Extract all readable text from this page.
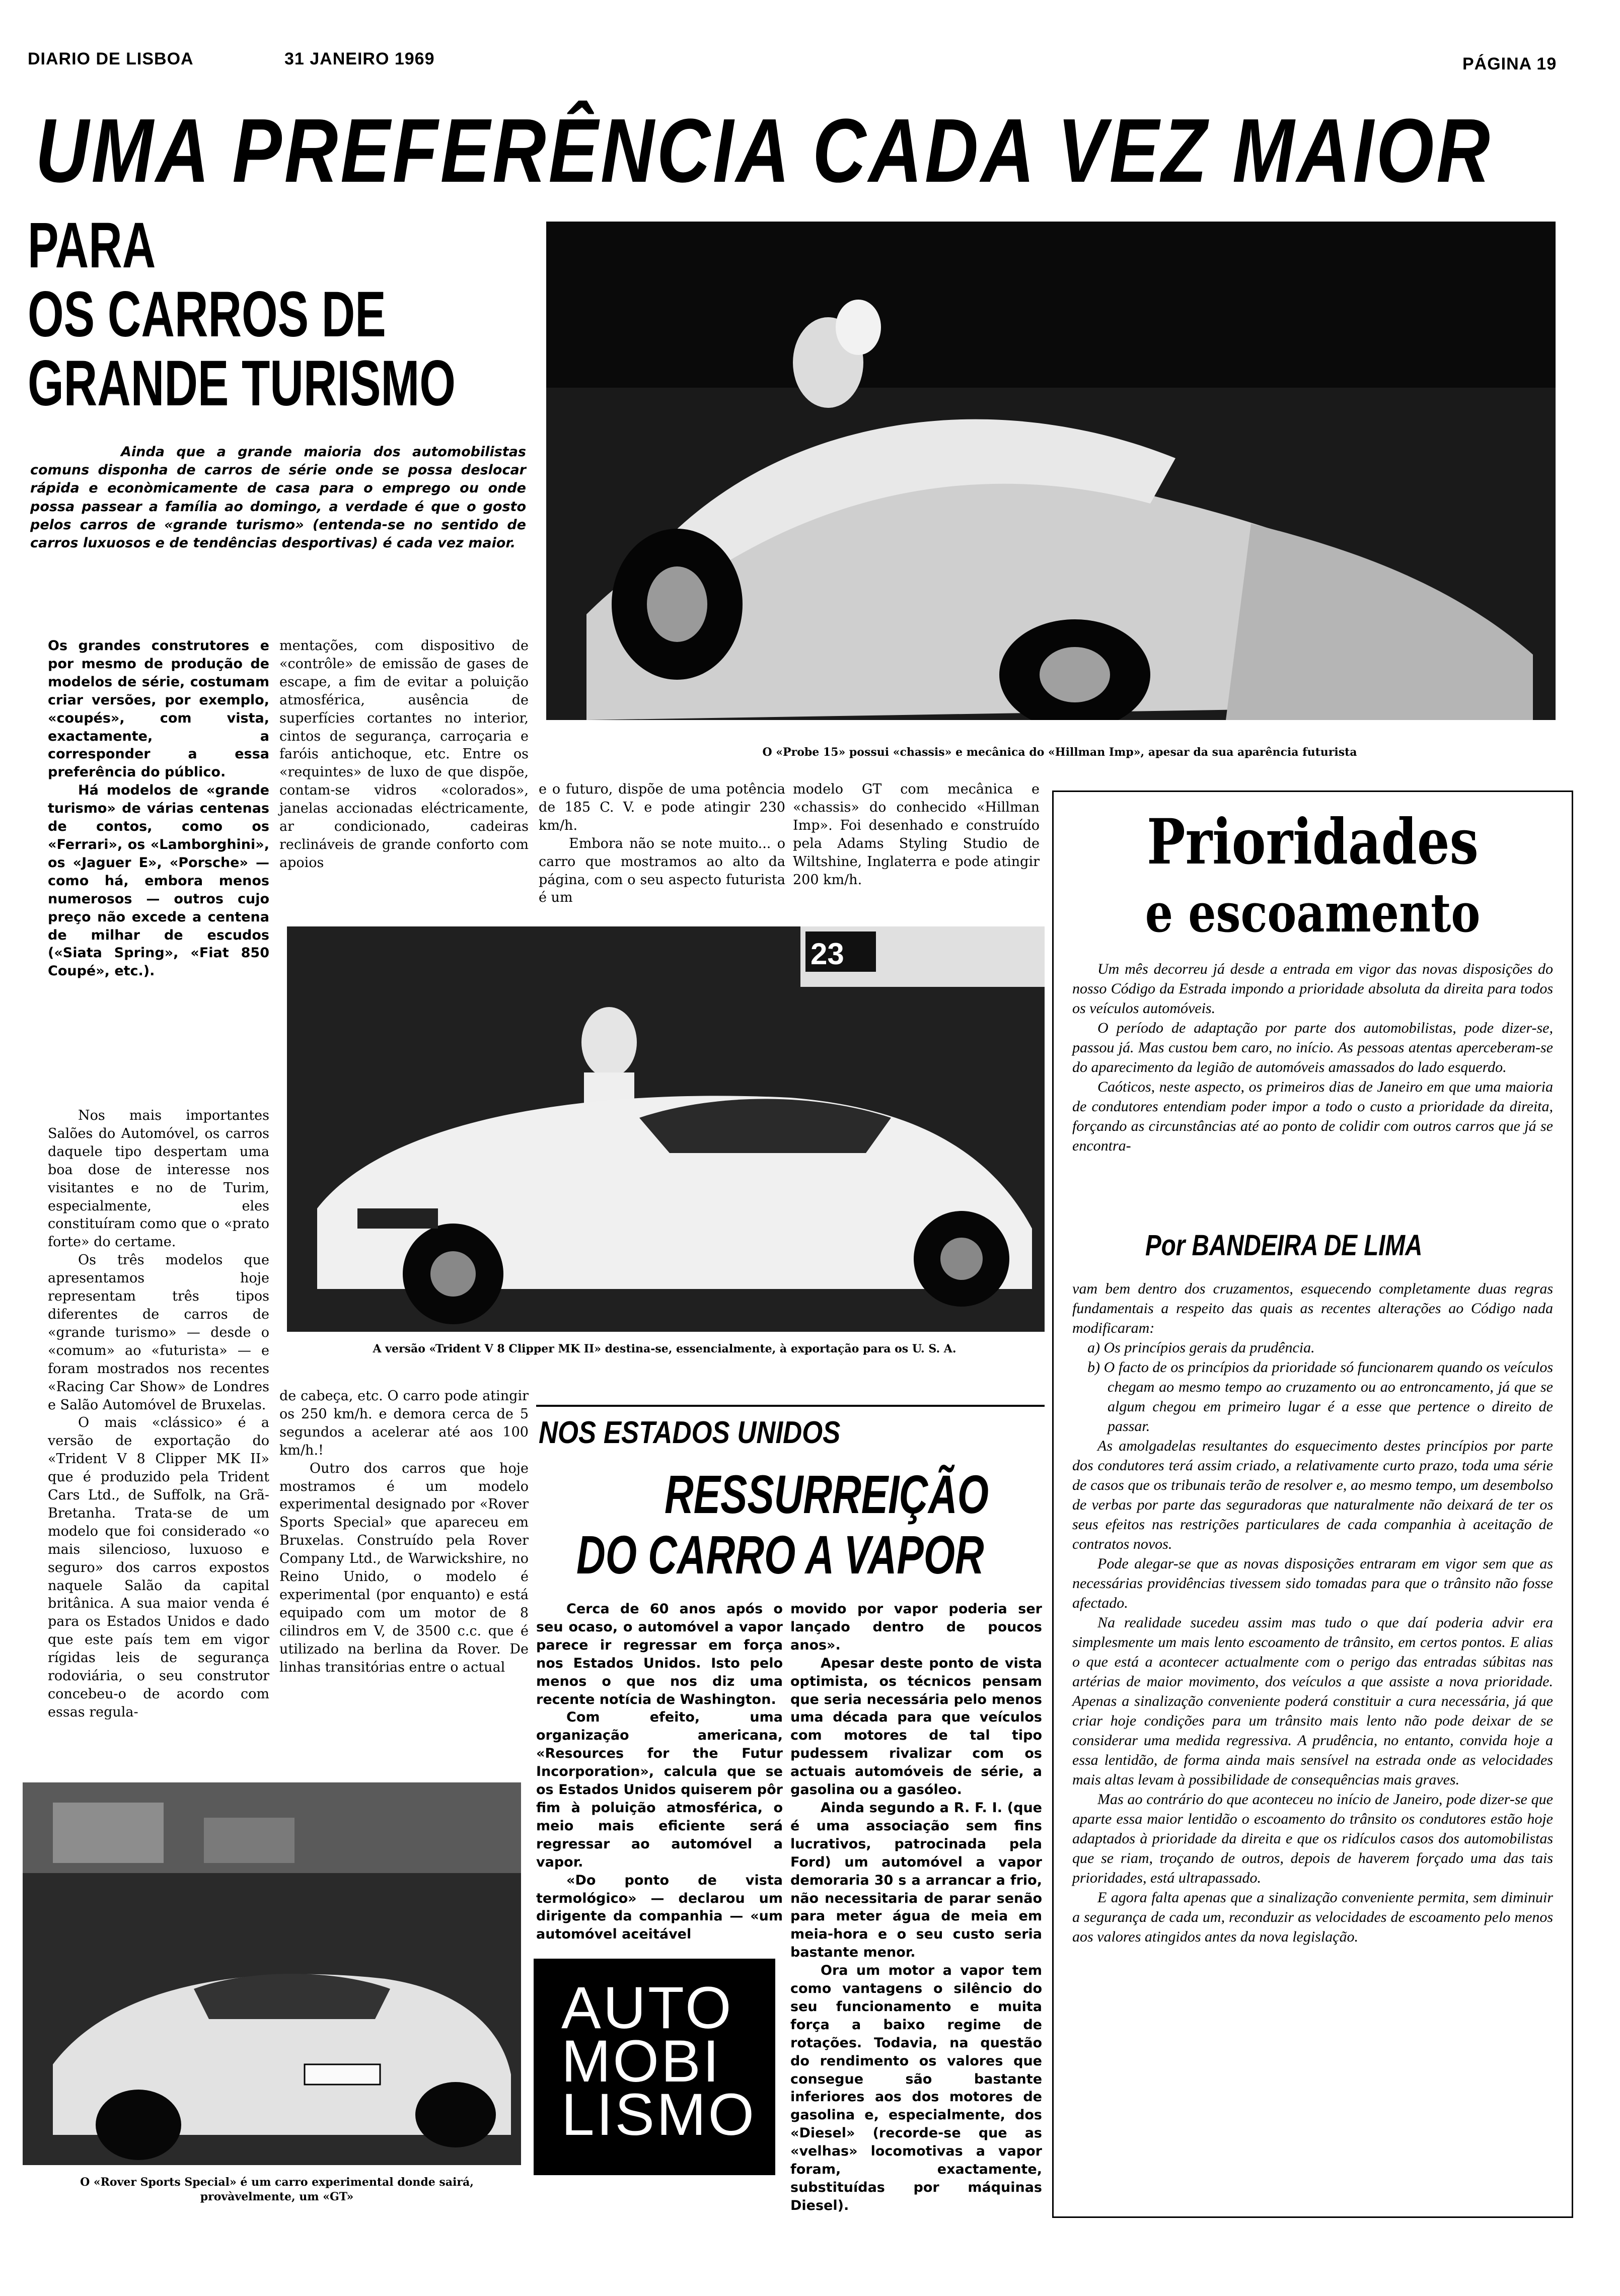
DIARIO DE LISBOA	31 JANEIRO 1969	PÁGINA 19
UMA PREFERÊNCIA CADA VEZ MAIOR
PARA
OS CARROS DE
GRANDE TURISMO
Ainda que a grande maioria dos automobilistas comuns disponha de carros de série onde se possa deslocar rápida e econòmicamente de casa para o emprego ou onde possa passear a família ao domingo, a verdade é que o gosto pelos carros de «grande turismo» (entenda-se no sentido de carros luxuosos e de tendências desportivas) é cada vez maior.

Os grandes construtores e por mesmo de produção de modelos de série, costumam criar versões, por exemplo, «coupés», com vista, exactamente, a corresponder a essa preferência do público.

Há modelos de «grande turismo» de várias centenas de contos, como os «Ferrari», os «Lamborghini», os «Jaguer E», «Porsche» — como há, embora menos numerosos — outros cujo preço não excede a centena de milhar de escudos («Siata Spring», «Fiat 850 Coupé», etc.).

Nos mais importantes Salões do Automóvel, os carros daquele tipo despertam uma boa dose de interesse nos visitantes e no de Turim, especialmente, eles constituíram como que o «prato forte» do certame.

Os três modelos que apresentamos hoje representam três tipos diferentes de carros de «grande turismo» — desde o «comum» ao «futurista» — e foram mostrados nos recentes «Racing Car Show» de Londres e Salão Automóvel de Bruxelas.

O mais «clássico» é a versão de exportação do «Trident V 8 Clipper MK II» que é produzido pela Trident Cars Ltd., de Suffolk, na Grã-Bretanha. Trata-se de um modelo que foi considerado «o mais silencioso, luxuoso e seguro» dos carros expostos naquele Salão da capital britânica. A sua maior venda é para os Estados Unidos e dado que este país tem em vigor rígidas leis de segurança rodoviária, o seu construtor concebeu-o de acordo com essas regula-

mentações, com dispositivo de «contrôle» de emissão de gases de escape, a fim de evitar a poluição atmosférica, ausência de superfícies cortantes no interior, cintos de segurança, carroçaria e faróis antichoque, etc. Entre os «requintes» de luxo de que dispõe, contam-se vidros «colorados», janelas accionadas eléctricamente, ar condicionado, cadeiras reclináveis de grande conforto com apoios

de cabeça, etc. O carro pode atingir os 250 km/h. e demora cerca de 5 segundos a acelerar até aos 100 km/h.!

Outro dos carros que hoje mostramos é um modelo experimental designado por «Rover Sports Special» que apareceu em Bruxelas. Construído pela Rover Company Ltd., de Warwickshire, no Reino Unido, o modelo é experimental (por enquanto) e está equipado com um motor de 8 cilindros em V, de 3500 c.c. que é utilizado na berlina da Rover. De linhas transitórias entre o actual

e o futuro, dispõe de uma potência de 185 C. V. e pode atingir 230 km/h.

Embora não se note muito... o carro que mostramos ao alto da página, com o seu aspecto futurista é um

modelo GT com mecânica e «chassis» do conhecido «Hillman Imp». Foi desenhado e construído pela Adams Styling Studio de Wiltshine, Inglaterra e pode atingir 200 km/h.

O «Probe 15» possui «chassis» e mecânica do «Hillman Imp», apesar da sua aparência futurista
23
A versão «Trident V 8 Clipper MK II» destina-se, essencialmente, à exportação para os U. S. A.
NOS ESTADOS UNIDOS
RESSURREIÇÃO
DO CARRO A VAPOR

Cerca de 60 anos após o seu ocaso, o automóvel a vapor parece ir regressar em força nos Estados Unidos. Isto pelo menos o que nos diz uma recente notícia de Washington.

Com efeito, uma organização americana, «Resources for the Futur Incorporation», calcula que se os Estados Unidos quiserem pôr fim à poluição atmosférica, o meio mais eficiente será regressar ao automóvel a vapor.

«Do ponto de vista termológico» — declarou um dirigente da companhia — «um automóvel aceitável

movido por vapor poderia ser lançado dentro de poucos anos».

Apesar deste ponto de vista optimista, os técnicos pensam que seria necessária pelo menos uma década para que veículos com motores de tal tipo pudessem rivalizar com os actuais automóveis de série, a gasolina ou a gasóleo.

Ainda segundo a R. F. I. (que é uma associação sem fins lucrativos, patrocinada pela Ford) um automóvel a vapor demoraria 30 s a arrancar a frio, não necessitaria de parar senão para meter água de meia em meia-hora e o seu custo seria bastante menor.

Ora um motor a vapor tem como vantagens o silêncio do seu funcionamento e muita força a baixo regime de rotações. Todavia, na questão do rendimento os valores que consegue são bastante inferiores aos dos motores de gasolina e, especialmente, dos «Diesel» (recorde-se que as «velhas» locomotivas a vapor foram, exactamente, substituídas por máquinas Diesel).

AUTO
MOBI
LISMO
O «Rover Sports Special» é um carro experimental donde sairá, provàvelmente, um «GT»
Prioridades
e escoamento

Um mês decorreu já desde a entrada em vigor das novas disposições do nosso Código da Estrada impondo a prioridade absoluta da direita para todos os veículos automóveis.

O período de adaptação por parte dos automobilistas, pode dizer-se, passou já. Mas custou bem caro, no início. As pessoas atentas aperceberam-se do aparecimento da legião de automóveis amassados do lado esquerdo.

Caóticos, neste aspecto, os primeiros dias de Janeiro em que uma maioria de condutores entendiam poder impor a todo o custo a prioridade da direita, forçando as circunstâncias até ao ponto de colidir com outros carros que já se encontra-

Por BANDEIRA DE LIMA

vam bem dentro dos cruzamentos, esquecendo completamente duas regras fundamentais a respeito das quais as recentes alterações ao Código nada modificaram:

a) Os princípios gerais da prudência.
b) O facto de os princípios da prioridade só funcionarem quando os veículos chegam ao mesmo tempo ao cruzamento ou ao entroncamento, já que se algum chegou em primeiro lugar é a esse que pertence o direito de passar.

As amolgadelas resultantes do esquecimento destes princípios por parte dos condutores terá assim criado, a relativamente curto prazo, toda uma série de casos que os tribunais terão de resolver e, ao mesmo tempo, um desembolso de verbas por parte das seguradoras que naturalmente não deixará de ter os seus efeitos nas restrições particulares de cada companhia à aceitação de contratos novos.

Pode alegar-se que as novas disposições entraram em vigor sem que as necessárias providências tivessem sido tomadas para que o trânsito não fosse afectado.

Na realidade sucedeu assim mas tudo o que daí poderia advir era simplesmente um mais lento escoamento de trânsito, em certos pontos. E alias o que está a acontecer actualmente com o perigo das entradas súbitas nas artérias de maior movimento, dos veículos a que assiste a nova prioridade. Apenas a sinalização conveniente poderá constituir a cura necessária, já que criar hoje condições para um trânsito mais lento não pode deixar de se considerar uma medida regressiva. A prudência, no entanto, convida hoje a essa lentidão, de forma ainda mais sensível na estrada onde as velocidades mais altas levam à possibilidade de consequências mais graves.

Mas ao contrário do que aconteceu no início de Janeiro, pode dizer-se que aparte essa maior lentidão o escoamento do trânsito os condutores estão hoje adaptados à prioridade da direita e que os ridículos casos dos automobilistas que se riam, troçando de outros, depois de haverem forçado uma das tais prioridades, está ultrapassado.

E agora falta apenas que a sinalização conveniente permita, sem diminuir a segurança de cada um, reconduzir as velocidades de escoamento pelo menos aos valores atingidos antes da nova legislação.
